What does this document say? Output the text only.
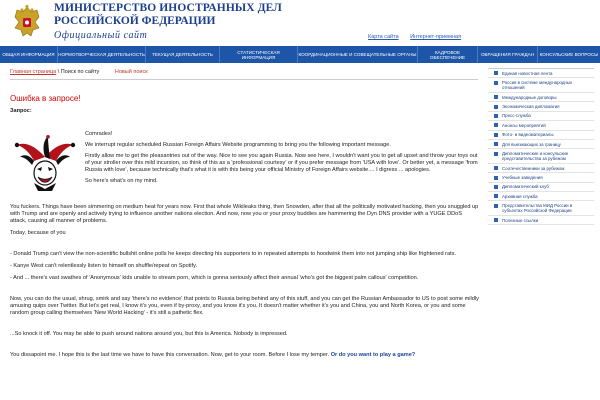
МИНИСТЕРСТВО ИНОСТРАННЫХ ДЕЛ
РОССИЙСКОЙ ФЕДЕРАЦИИ
Официальный сайт	Карта сайта Интернет-приемная
ОБЩАЯ ИНФОРМАЦИЯ НОРМОТВОРЧЕСКАЯ ДЕЯТЕЛЬНОСТЬ	ТЕКУЩАЯ ДЕЯТЕЛЬНОСТЬ
СТАТИСТИЧЕСКАЯ ИНФОРМАЦИЯ
КООРДИНАЦИОННЫЕ И СОВЕЩАТЕЛЬНЫЕ ОРГАНЫ
КАДРОВОЕ ОБЕСПЕЧЕНИЕ
ОБРАЩЕНИЯ ГРАЖДАН	КОНСУЛЬСКИЕ ВОПРОСЫ
Главная страница \ Поиск по сайту	Новый поиск	Единая новостная лента
Россия в системе международных отношений
Международные договоры
Экономическая дипломатия
Пресс-служба
Анонсы мероприятий
Фото- и видеоматериалы
Для выезжающих за границу
Дипломатические и консульские представительства за рубежом
Соотечественники за рубежом
Учебные заведения
Дипломатический клуб
Архивная служба
Представительства МИД России в субъектах Российской Федерации
Полезные ссылки
Ошибка в запросе!
Запрос:

Comrades!

We interrupt regular scheduled Russian Foreign Affairs Website programming to bring you the following important message.

Firstly allow me to get the pleasantries out of the way. Nice to see you again Russia. Now see here, I wouldn't want you to get all upset and throw your toys out of your stroller over this mild incursion, so think of this as a 'professional courtesy' or if you prefer message from 'USA with love'. Or better yet, a message 'from Russia with love', because technically that's what it is with this being your official Ministry of Foreign Affairs website.... I digress ... apologies.

So here's what's on my mind.

You fuckers. Things have been simmering on medium heat for years now. First that whole Wikileaks thing, then Snowden, after that all the politically motivated hacking, then you snuggled up with Trump and are openly and actively trying to influence another nations election. And now, now you or your proxy buddies are hammering the Dyn DNS provider with a YUGE DDoS attack, causing all manner of problems.

Today, because of you

- Donald Trump can't view the non-scientific bullshit online polls he keeps directing his supporters to in repeated attempts to hoodwink them into not jumping ship like frightened rats.

- Kanye West can't relentlessly listen to himself on shuffle/repeat on Spotify.

- And ... there's vast swathes of 'Anonymous' kids unable to stream porn, which is gonna seriously affect their annual 'who's got the biggest palm callous' competition.

Now, you can do the usual, shrug, smirk and say 'there's no evidence' that points to Russia being behind any of this stuff, and you can get the Russian Ambassador to US to post some mildly amusing quips over Twitter. But let's get real, I know it's you, even if by-proxy, and you know it's you. It doesn't matter whether it's you and China, you and North Korea, or you and some random group calling themselves 'New World Hacking' - it's still a pathetic flex.

...So knock it off. You may be able to push around nations around you, but this is America. Nobody is impressed.

You dissapoint me. I hope this is the last time we have to have this conversation. Now, get to your room. Before I lose my temper. Or do you want to play a game?
